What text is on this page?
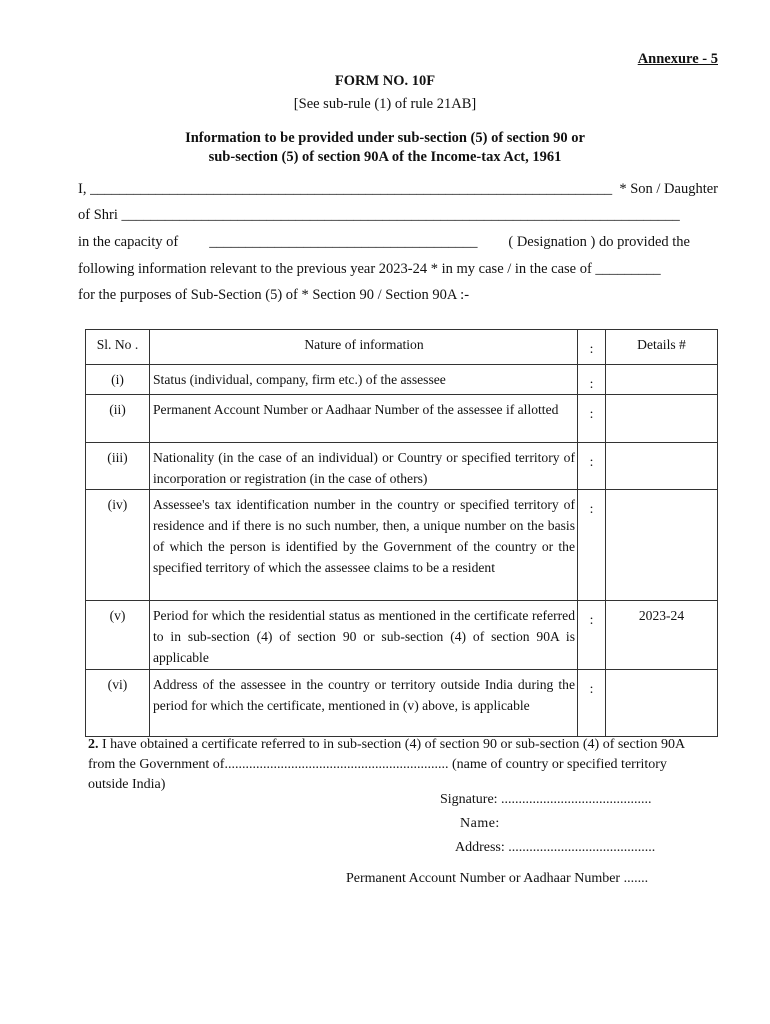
Annexure - 5
FORM NO. 10F
[See sub-rule (1) of rule 21AB]
Information to be provided under sub-section (5) of section 90 or
sub-section (5) of section 90A of the Income-tax Act, 1961
I, ________________________________________________________________________ * Son / Daughter
of Shri _____________________________________________________________________________
in the capacity of _____________________________________ ( Designation ) do provided the
following information relevant to the previous year 2023-24 * in my case / in the case of _________
for the purposes of Sub-Section (5) of * Section 90 / Section 90A :-
Sl. No .	Nature of information	:	Details #
(i)	Status (individual, company, firm etc.) of the assessee	:	
(ii)	Permanent Account Number or Aadhaar Number of the assessee if allotted	:	
(iii)	Nationality (in the case of an individual) or Country or specified territory of incorporation or registration (in the case of others)	:	
(iv)	Assessee's tax identification number in the country or specified territory of residence and if there is no such number, then, a unique number on the basis of which the person is identified by the Government of the country or the specified territory of which the assessee claims to be a resident	:	
(v)	Period for which the residential status as mentioned in the certificate referred to in sub-section (4) of section 90 or sub-section (4) of section 90A is applicable	:	2023-24
(vi)	Address of the assessee in the country or territory outside India during the period for which the certificate, mentioned in (v) above, is applicable	:	
2. I have obtained a certificate referred to in sub-section (4) of section 90 or sub-section (4) of section 90A from the Government of................................................................ (name of country or specified territory outside India)
Signature: ...........................................
Name:
Address: ..........................................
Permanent Account Number or Aadhaar Number .......
